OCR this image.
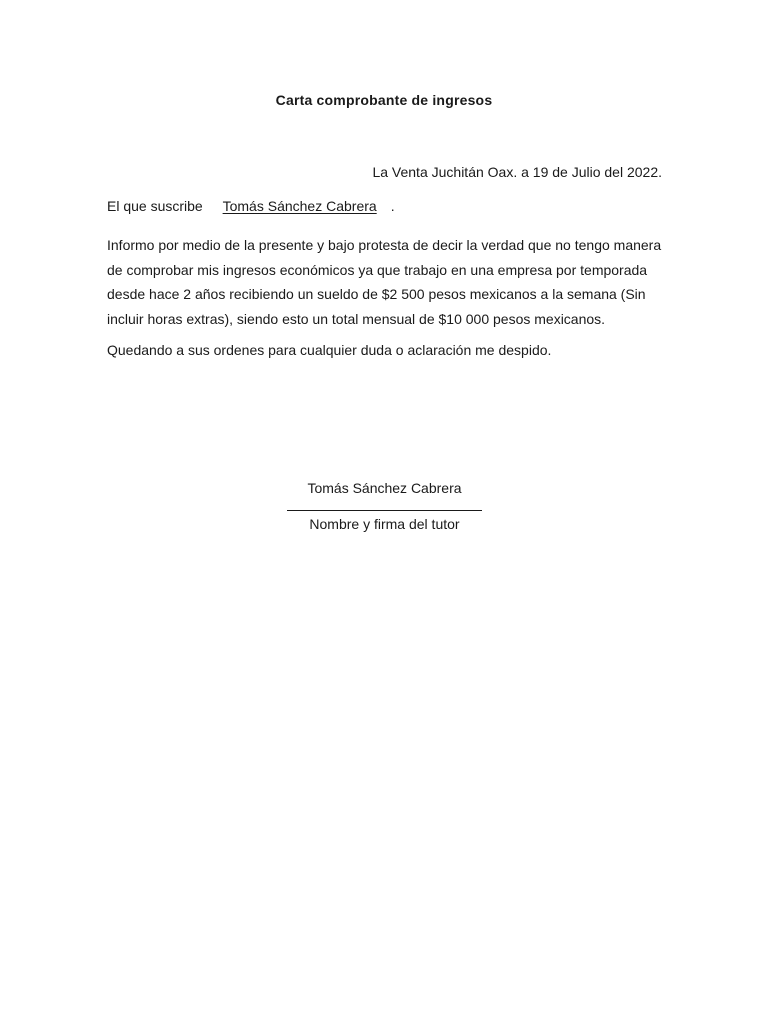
Carta comprobante de ingresos
La Venta Juchitán Oax. a 19 de Julio del 2022.
El que suscribe Tomás Sánchez Cabrera .

Informo por medio de la presente y bajo protesta de decir la verdad que no tengo manera de comprobar mis ingresos económicos ya que trabajo en una empresa por temporada desde hace 2 años recibiendo un sueldo de $2 500 pesos mexicanos a la semana (Sin incluir horas extras), siendo esto un total mensual de $10 000 pesos mexicanos.

Quedando a sus ordenes para cualquier duda o aclaración me despido.
Tomás Sánchez Cabrera
Nombre y firma del tutor
